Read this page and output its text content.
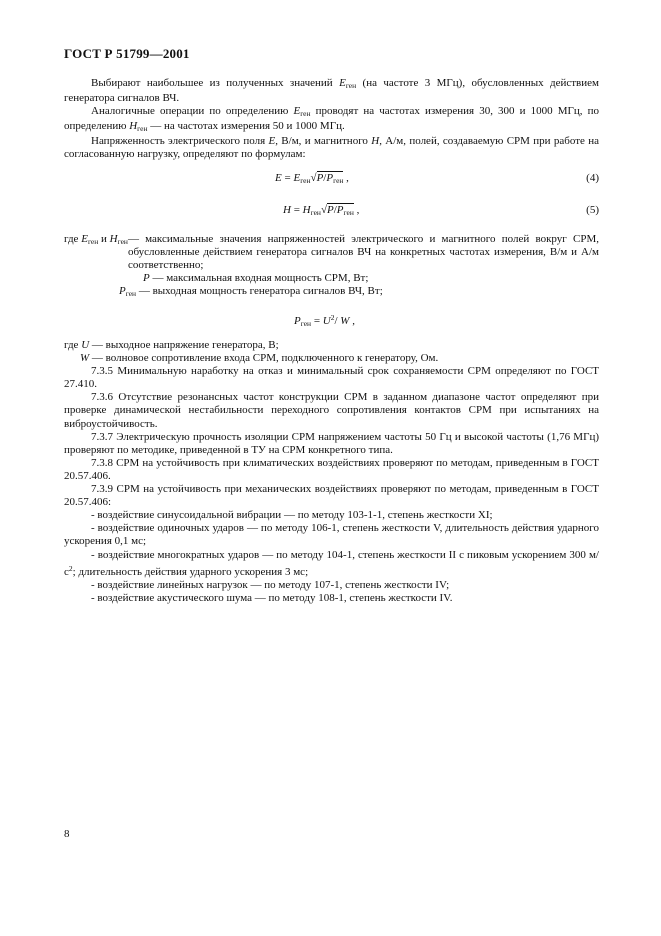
ГОСТ Р 51799—2001

Выбирают наибольшее из полученных значений $E_{ген}$ (на частоте 3 МГц), обусловленных действием генератора сигналов ВЧ.

Аналогичные операции по определению $E_{ген}$ проводят на частотах измерения 30, 300 и 1000 МГц, по определению $H_{ген}$ — на частотах измерения 50 и 1000 МГц.

Напряженность электрического поля E, В/м, и магнитного H, А/м, полей, создаваемую СРМ при работе на согласованную нагрузку, определяют по формулам:

$E = E_{ген}√P/P_{ген}$ ,	(4)
$H = H_{ген}√P/P_{ген}$ ,	(5)
где $E_{ген}$ и $H_{ген}$ — максимальные значения напряженностей электрического и магнитного полей вокруг СРМ, обусловленные действием генератора сигналов ВЧ на конкретных частотах измерения, В/м и А/м соответственно;
P — максимальная входная мощность СРМ, Вт;
$P_{ген}$ — выходная мощность генератора сигналов ВЧ, Вт;
$P_{ген} = U^2/$ W ,

где U — выходное напряжение генератора, В;

W — волновое сопротивление входа СРМ, подключенного к генератору, Ом.

7.3.5 Минимальную наработку на отказ и минимальный срок сохраняемости СРМ определяют по ГОСТ 27.410.

7.3.6 Отсутствие резонансных частот конструкции СРМ в заданном диапазоне частот определяют при проверке динамической нестабильности переходного сопротивления контактов СРМ при испытаниях на виброустойчивость.

7.3.7 Электрическую прочность изоляции СРМ напряжением частоты 50 Гц и высокой частоты (1,76 МГц) проверяют по методике, приведенной в ТУ на СРМ конкретного типа.

7.3.8 СРМ на устойчивость при климатических воздействиях проверяют по методам, приведенным в ГОСТ 20.57.406.

7.3.9 СРМ на устойчивость при механических воздействиях проверяют по методам, приведенным в ГОСТ 20.57.406:

- воздействие синусоидальной вибрации — по методу 103-1-1, степень жесткости XI;

- воздействие одиночных ударов — по методу 106-1, степень жесткости V, длительность действия ударного ускорения 0,1 мс;

- воздействие многократных ударов — по методу 104-1, степень жесткости II с пиковым ускорением 300 $м/с^2$; длительность действия ударного ускорения 3 мс;

- воздействие линейных нагрузок — по методу 107-1, степень жесткости IV;

- воздействие акустического шума — по методу 108-1, степень жесткости IV.

8
